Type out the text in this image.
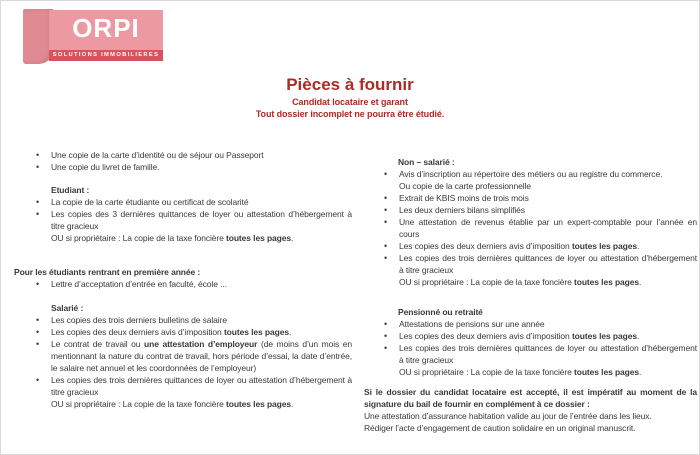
ORPI
SOLUTIONS IMMOBILIERES
Pièces à fournir
Candidat locataire et garant
Tout dossier incomplet ne pourra être étudié.
• Une copie de la carte d’identité ou de séjour ou Passeport
• Une copie du livret de famille.
Etudiant :
• La copie de la carte étudiante ou certificat de scolarité
• Les copies des 3 dernières quittances de loyer ou attestation d’hébergement à titre gracieux
OU si propriétaire : La copie de la taxe foncière toutes les pages.
Pour les étudiants rentrant en première année :
• Lettre d’acceptation d’entrée en faculté, école ...
Salarié :
• Les copies des trois derniers bulletins de salaire
• Les copies des deux derniers avis d’imposition toutes les pages.
• Le contrat de travail ou une attestation d’employeur (de moins d’un mois en mentionnant la nature du contrat de travail, hors période d’essai, la date d’entrée, le salaire net annuel et les coordonnées de l’employeur)
• Les copies des trois dernières quittances de loyer ou attestation d’hébergement à titre gracieux
OU si propriétaire : La copie de la taxe foncière toutes les pages.
Non – salarié :
• Avis d’inscription au répertoire des métiers ou au registre du commerce.
Ou copie de la carte professionnelle
• Extrait de KBIS moins de trois mois
• Les deux derniers bilans simplifiés
• Une attestation de revenus établie par un expert-comptable pour l’année en cours
• Les copies des deux derniers avis d’imposition toutes les pages.
• Les copies des trois dernières quittances de loyer ou attestation d’hébergement à titre gracieux
OU si propriétaire : La copie de la taxe foncière toutes les pages.
Pensionné ou retraité
• Attestations de pensions sur une année
• Les copies des deux derniers avis d’imposition toutes les pages.
• Les copies des trois dernières quittances de loyer ou attestation d’hébergement à titre gracieux
OU si propriétaire : La copie de la taxe foncière toutes les pages.
Si le dossier du candidat locataire est accepté, il est impératif au moment de la signature du bail de fournir en complément à ce dossier :
Une attestation d’assurance habitation valide au jour de l’entrée dans les lieux.
Rédiger l’acte d’engagement de caution solidaire en un original manuscrit.
